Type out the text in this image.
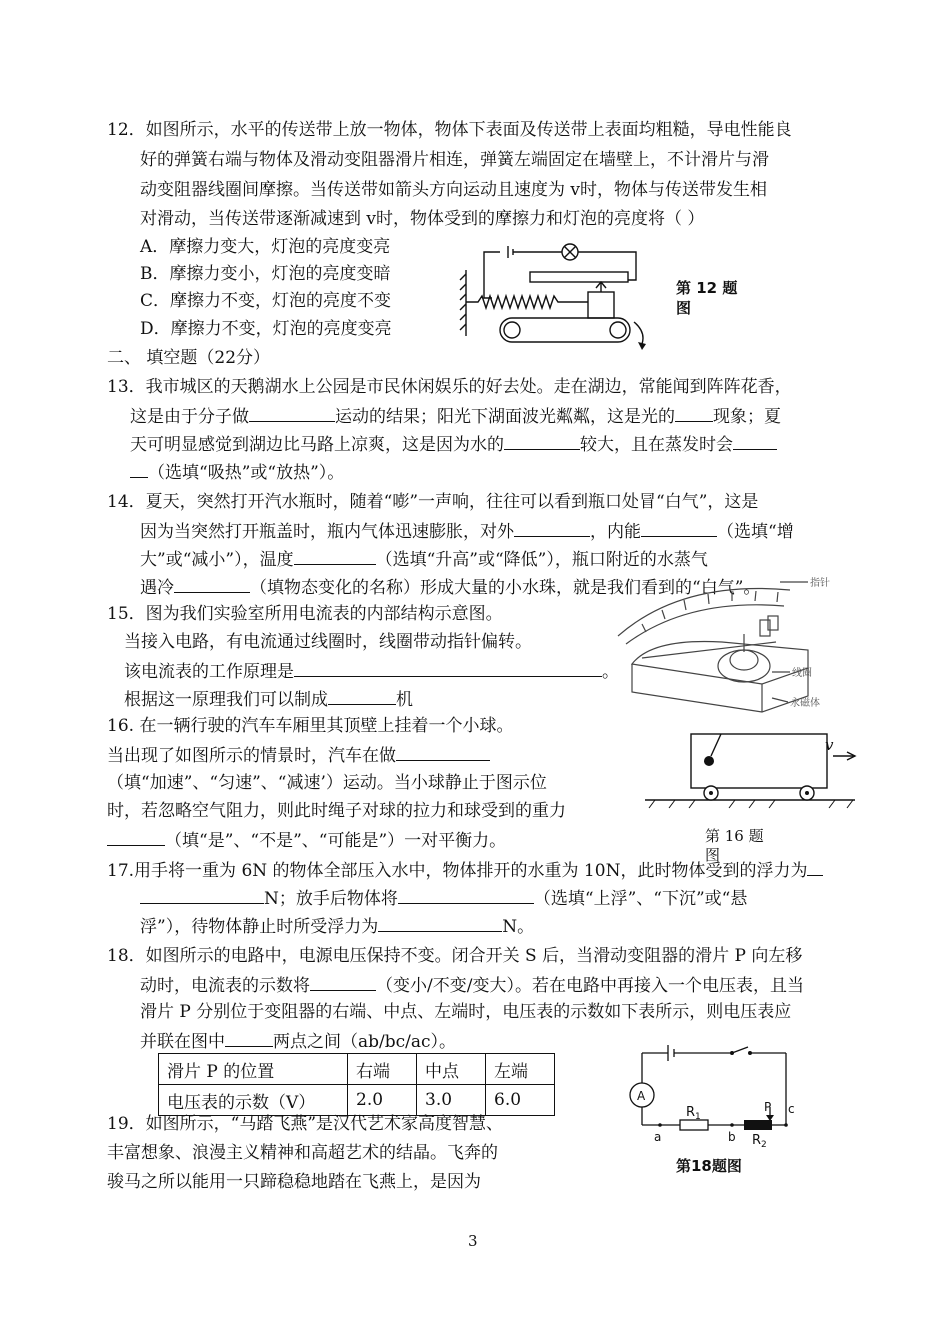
12．如图所示，水平的传送带上放一物体，物体下表面及传送带上表面均粗糙，导电性能良
好的弹簧右端与物体及滑动变阻器滑片相连，弹簧左端固定在墙壁上，不计滑片与滑
动变阻器线圈间摩擦。当传送带如箭头方向运动且速度为 v时，物体与传送带发生相
对滑动，当传送带逐渐减速到 v时，物体受到的摩擦力和灯泡的亮度将（ ）
A．摩擦力变大，灯泡的亮度变亮
B．摩擦力变小，灯泡的亮度变暗
C．摩擦力不变，灯泡的亮度不变
D．摩擦力不变，灯泡的亮度变亮
第 12 题
图
二、 填空题（22分）
13．我市城区的天鹅湖水上公园是市民休闲娱乐的好去处。走在湖边，常能闻到阵阵花香，
这是由于分子做	运动的结果；阳光下湖面波光粼粼，这是光的 现象；夏
天可明显感觉到湖边比马路上凉爽，这是因为水的	较大，且在蒸发时会
（选填“吸热”或“放热”）。
14．夏天，突然打开汽水瓶时，随着“嘭”一声响，往往可以看到瓶口处冒“白气”，这是
因为当突然打开瓶盖时，瓶内气体迅速膨胀，对外	，内能	（选填“增
大”或“减小”），温度	（选填“升高”或“降低”），瓶口附近的水蒸气
遇冷	（填物态变化的名称）形成大量的小水珠，就是我们看到的“白气”。
15．图为我们实验室所用电流表的内部结构示意图。
当接入电路，有电流通过线圈时，线圈带动指针偏转。
该电流表的工作原理是	。
根据这一原理我们可以制成	机
指针
线圈
永磁体
16. 在一辆行驶的汽车车厢里其顶壁上挂着一个小球。
当出现了如图所示的情景时，汽车在做
（填“加速”、“匀速”、“减速’）运动。当小球静止于图示位
时，若忽略空气阻力，则此时绳子对球的拉力和球受到的重力
（填“是”、“不是”、“可能是”）一对平衡力。
v
第 16 题
图
17.用手将一重为 6N 的物体全部压入水中，物体排开的水重为 10N，此时物体受到的浮力为
N；放手后物体将	（选填“上浮”、“下沉”或“悬
浮”），待物体静止时所受浮力为	N。
18．如图所示的电路中，电源电压保持不变。闭合开关 S 后，当滑动变阻器的滑片 P 向左移
动时，电流表的示数将	（变小/不变/变大）。若在电路中再接入一个电压表，且当
滑片 P 分别位于变阻器的右端、中点、左端时，电压表的示数如下表所示，则电压表应
并联在图中	两点之间（ab/bc/ac）。
滑片 P 的位置	右端	中点	左端
电压表的示数（V）	2.0	3.0	6.0	A
R 1
R 2
P
a	b
c
第18题图
19．如图所示，“马踏飞燕”是汉代艺术家高度智慧、
丰富想象、浪漫主义精神和高超艺术的结晶。飞奔的
骏马之所以能用一只蹄稳稳地踏在飞燕上，是因为
3
